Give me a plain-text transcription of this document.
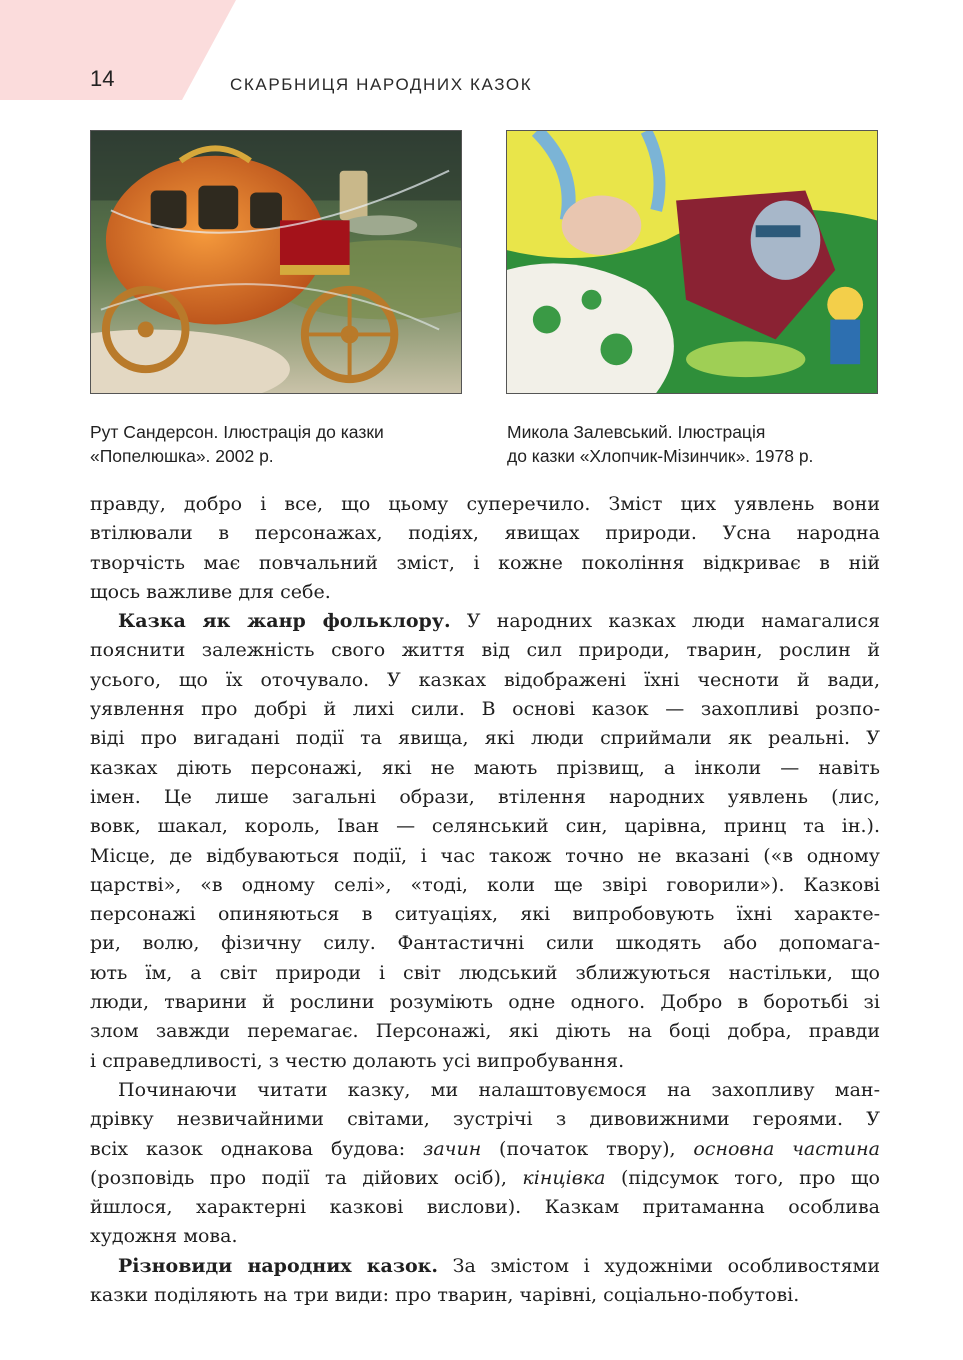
14	СКАРБНИЦЯ НАРОДНИХ КАЗОК
Рут Сандерсон. Ілюстрація до казки
«Попелюшка». 2002 р.
Микола Залевський. Ілюстрація
до казки «Хлопчик-Мізинчик». 1978 р.
правду, добро і все, що цьому суперечило. Зміст цих уявлень вони
втілювали в персонажах, подіях, явищах природи. Усна народна
творчість має повчальний зміст, і кожне покоління відкриває в ній
щось важливе для себе.
Казка як жанр фольклору. У народних казках люди намагалися
пояснити залежність свого життя від сил природи, тварин, рослин й
усього, що їх оточувало. У казках відображені їхні чесноти й вади,
уявлення про добрі й лихі сили. В основі казок — захопливі розпо-
віді про вигадані події та явища, які люди сприймали як реальні. У
казках діють персонажі, які не мають прізвищ, а інколи — навіть
імен. Це лише загальні образи, втілення народних уявлень (лис,
вовк, шакал, король, Іван — селянський син, царівна, принц та ін.).
Місце, де відбуваються події, і час також точно не вказані («в одному
царстві», «в одному селі», «тоді, коли ще звірі говорили»). Казкові
персонажі опиняються в ситуаціях, які випробовують їхні характе-
ри, волю, фізичну силу. Фантастичні сили шкодять або допомага-
ють їм, а світ природи і світ людський зближуються настільки, що
люди, тварини й рослини розуміють одне одного. Добро в боротьбі зі
злом завжди перемагає. Персонажі, які діють на боці добра, правди
і справедливості, з честю долають усі випробування.
Починаючи читати казку, ми налаштовуємося на захопливу ман-
дрівку незвичайними світами, зустрічі з дивовижними героями. У
всіх казок однакова будова: зачин (початок твору), основна частина
(розповідь про події та дійових осіб), кінцівка (підсумок того, про що
йшлося, характерні казкові вислови). Казкам притаманна особлива
художня мова.
Різновиди народних казок. За змістом і художніми особливостями
казки поділяють на три види: про тварин, чарівні, соціально-побутові.
